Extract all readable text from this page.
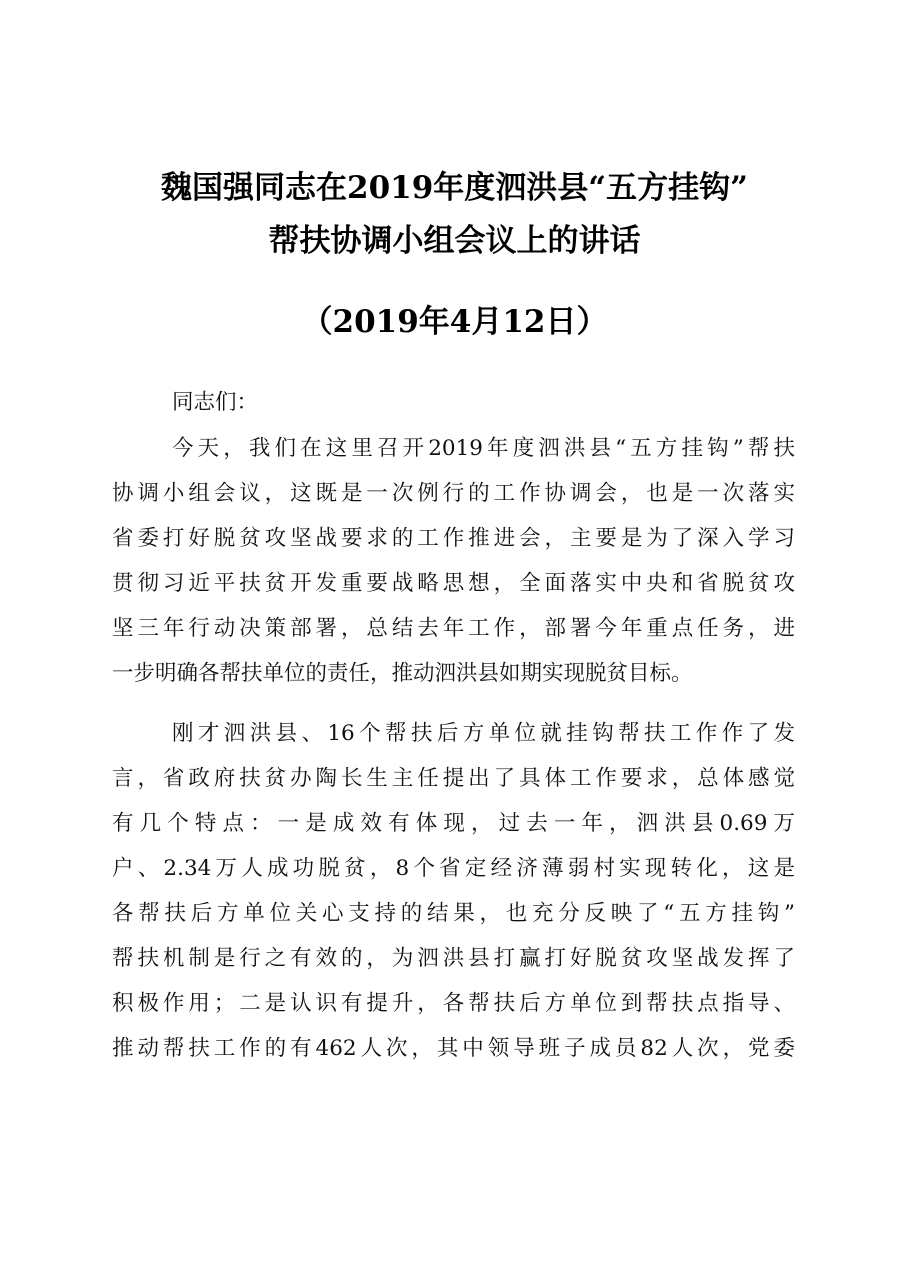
魏国强同志在2019年度泗洪县“五方挂钩”
帮扶协调小组会议上的讲话
（2019年4月12日）

同志们：

今天，我们在这里召开2019年度泗洪县“五方挂钩”帮扶
协调小组会议，这既是一次例行的工作协调会，也是一次落实
省委打好脱贫攻坚战要求的工作推进会，主要是为了深入学习
贯彻习近平扶贫开发重要战略思想，全面落实中央和省脱贫攻
坚三年行动决策部署，总结去年工作，部署今年重点任务，进
一步明确各帮扶单位的责任，推动泗洪县如期实现脱贫目标。
刚才泗洪县、16个帮扶后方单位就挂钩帮扶工作作了发
言，省政府扶贫办陶长生主任提出了具体工作要求，总体感觉
有几个特点：一是成效有体现，过去一年，泗洪县0.69万
户、2.34万人成功脱贫，8个省定经济薄弱村实现转化，这是
各帮扶后方单位关心支持的结果，也充分反映了“五方挂钩”
帮扶机制是行之有效的，为泗洪县打赢打好脱贫攻坚战发挥了
积极作用；二是认识有提升，各帮扶后方单位到帮扶点指导、
推动帮扶工作的有462人次，其中领导班子成员82人次，党委
